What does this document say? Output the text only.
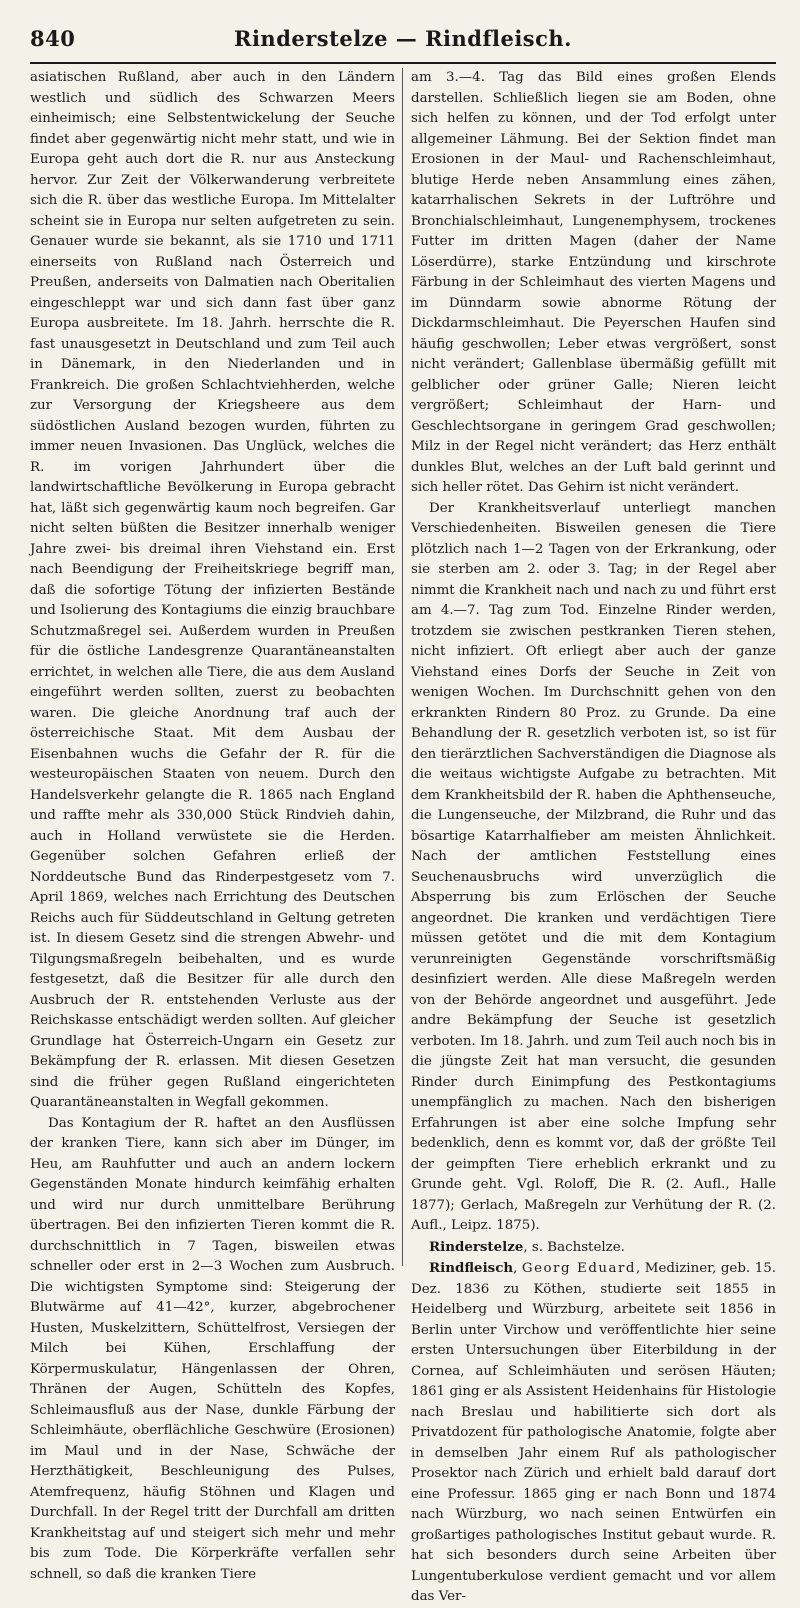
840	Rinderstelze — Rindfleisch.

asiatischen Rußland, aber auch in den Ländern westlich und südlich des Schwarzen Meers einheimisch; eine Selbstentwickelung der Seuche findet aber gegenwärtig nicht mehr statt, und wie in Europa geht auch dort die R. nur aus Ansteckung hervor. Zur Zeit der Völkerwanderung verbreitete sich die R. über das westliche Europa. Im Mittelalter scheint sie in Europa nur selten aufgetreten zu sein. Genauer wurde sie bekannt, als sie 1710 und 1711 einerseits von Rußland nach Österreich und Preußen, anderseits von Dalmatien nach Oberitalien eingeschleppt war und sich dann fast über ganz Europa ausbreitete. Im 18. Jahrh. herrschte die R. fast unausgesetzt in Deutschland und zum Teil auch in Dänemark, in den Niederlanden und in Frankreich. Die großen Schlachtviehherden, welche zur Versorgung der Kriegsheere aus dem südöstlichen Ausland bezogen wurden, führten zu immer neuen Invasionen. Das Unglück, welches die R. im vorigen Jahrhundert über die landwirtschaftliche Bevölkerung in Europa gebracht hat, läßt sich gegenwärtig kaum noch begreifen. Gar nicht selten büßten die Besitzer innerhalb weniger Jahre zwei- bis dreimal ihren Viehstand ein. Erst nach Beendigung der Freiheitskriege begriff man, daß die sofortige Tötung der infizierten Bestände und Isolierung des Kontagiums die einzig brauchbare Schutzmaßregel sei. Außerdem wurden in Preußen für die östliche Landesgrenze Quarantäneanstalten errichtet, in welchen alle Tiere, die aus dem Ausland eingeführt werden sollten, zuerst zu beobachten waren. Die gleiche Anordnung traf auch der österreichische Staat. Mit dem Ausbau der Eisenbahnen wuchs die Gefahr der R. für die westeuropäischen Staaten von neuem. Durch den Handelsverkehr gelangte die R. 1865 nach England und raffte mehr als 330,000 Stück Rindvieh dahin, auch in Holland verwüstete sie die Herden. Gegenüber solchen Gefahren erließ der Norddeutsche Bund das Rinderpestgesetz vom 7. April 1869, welches nach Errichtung des Deutschen Reichs auch für Süddeutschland in Geltung getreten ist. In diesem Gesetz sind die strengen Abwehr- und Tilgungsmaßregeln beibehalten, und es wurde festgesetzt, daß die Besitzer für alle durch den Ausbruch der R. entstehenden Verluste aus der Reichskasse entschädigt werden sollten. Auf gleicher Grundlage hat Österreich-Ungarn ein Gesetz zur Bekämpfung der R. erlassen. Mit diesen Gesetzen sind die früher gegen Rußland eingerichteten Quarantäneanstalten in Wegfall gekommen.

Das Kontagium der R. haftet an den Ausflüssen der kranken Tiere, kann sich aber im Dünger, im Heu, am Rauhfutter und auch an andern lockern Gegenständen Monate hindurch keimfähig erhalten und wird nur durch unmittelbare Berührung übertragen. Bei den infizierten Tieren kommt die R. durchschnittlich in 7 Tagen, bisweilen etwas schneller oder erst in 2—3 Wochen zum Ausbruch. Die wichtigsten Symptome sind: Steigerung der Blutwärme auf 41—42°, kurzer, abgebrochener Husten, Muskelzittern, Schüttelfrost, Versiegen der Milch bei Kühen, Erschlaffung der Körpermuskulatur, Hängenlassen der Ohren, Thränen der Augen, Schütteln des Kopfes, Schleimausfluß aus der Nase, dunkle Färbung der Schleimhäute, oberflächliche Geschwüre (Erosionen) im Maul und in der Nase, Schwäche der Herzthätigkeit, Beschleunigung des Pulses, Atemfrequenz, häufig Stöhnen und Klagen und Durchfall. In der Regel tritt der Durchfall am dritten Krankheitstag auf und steigert sich mehr und mehr bis zum Tode. Die Körperkräfte verfallen sehr schnell, so daß die kranken Tiere

am 3.—4. Tag das Bild eines großen Elends darstellen. Schließlich liegen sie am Boden, ohne sich helfen zu können, und der Tod erfolgt unter allgemeiner Lähmung. Bei der Sektion findet man Erosionen in der Maul- und Rachenschleimhaut, blutige Herde neben Ansammlung eines zähen, katarrhalischen Sekrets in der Luftröhre und Bronchialschleimhaut, Lungenemphysem, trockenes Futter im dritten Magen (daher der Name Löserdürre), starke Entzündung und kirschrote Färbung in der Schleimhaut des vierten Magens und im Dünndarm sowie abnorme Rötung der Dickdarmschleimhaut. Die Peyerschen Haufen sind häufig geschwollen; Leber etwas vergrößert, sonst nicht verändert; Gallenblase übermäßig gefüllt mit gelblicher oder grüner Galle; Nieren leicht vergrößert; Schleimhaut der Harn- und Geschlechtsorgane in geringem Grad geschwollen; Milz in der Regel nicht verändert; das Herz enthält dunkles Blut, welches an der Luft bald gerinnt und sich heller rötet. Das Gehirn ist nicht verändert.

Der Krankheitsverlauf unterliegt manchen Verschiedenheiten. Bisweilen genesen die Tiere plötzlich nach 1—2 Tagen von der Erkrankung, oder sie sterben am 2. oder 3. Tag; in der Regel aber nimmt die Krankheit nach und nach zu und führt erst am 4.—7. Tag zum Tod. Einzelne Rinder werden, trotzdem sie zwischen pestkranken Tieren stehen, nicht infiziert. Oft erliegt aber auch der ganze Viehstand eines Dorfs der Seuche in Zeit von wenigen Wochen. Im Durchschnitt gehen von den erkrankten Rindern 80 Proz. zu Grunde. Da eine Behandlung der R. gesetzlich verboten ist, so ist für den tierärztlichen Sachverständigen die Diagnose als die weitaus wichtigste Aufgabe zu betrachten. Mit dem Krankheitsbild der R. haben die Aphthenseuche, die Lungenseuche, der Milzbrand, die Ruhr und das bösartige Katarrhalfieber am meisten Ähnlichkeit. Nach der amtlichen Feststellung eines Seuchenausbruchs wird unverzüglich die Absperrung bis zum Erlöschen der Seuche angeordnet. Die kranken und verdächtigen Tiere müssen getötet und die mit dem Kontagium verunreinigten Gegenstände vorschriftsmäßig desinfiziert werden. Alle diese Maßregeln werden von der Behörde angeordnet und ausgeführt. Jede andre Bekämpfung der Seuche ist gesetzlich verboten. Im 18. Jahrh. und zum Teil auch noch bis in die jüngste Zeit hat man versucht, die gesunden Rinder durch Einimpfung des Pestkontagiums unempfänglich zu machen. Nach den bisherigen Erfahrungen ist aber eine solche Impfung sehr bedenklich, denn es kommt vor, daß der größte Teil der geimpften Tiere erheblich erkrankt und zu Grunde geht. Vgl. Roloff, Die R. (2. Aufl., Halle 1877); Gerlach, Maßregeln zur Verhütung der R. (2. Aufl., Leipz. 1875).

Rinderstelze, s. Bachstelze.

Rindfleisch, Georg Eduard, Mediziner, geb. 15. Dez. 1836 zu Köthen, studierte seit 1855 in Heidelberg und Würzburg, arbeitete seit 1856 in Berlin unter Virchow und veröffentlichte hier seine ersten Untersuchungen über Eiterbildung in der Cornea, auf Schleimhäuten und serösen Häuten; 1861 ging er als Assistent Heidenhains für Histologie nach Breslau und habilitierte sich dort als Privatdozent für pathologische Anatomie, folgte aber in demselben Jahr einem Ruf als pathologischer Prosektor nach Zürich und erhielt bald darauf dort eine Professur. 1865 ging er nach Bonn und 1874 nach Würzburg, wo nach seinen Entwürfen ein großartiges pathologisches Institut gebaut wurde. R. hat sich besonders durch seine Arbeiten über Lungentuberkulose verdient gemacht und vor allem das Ver-
